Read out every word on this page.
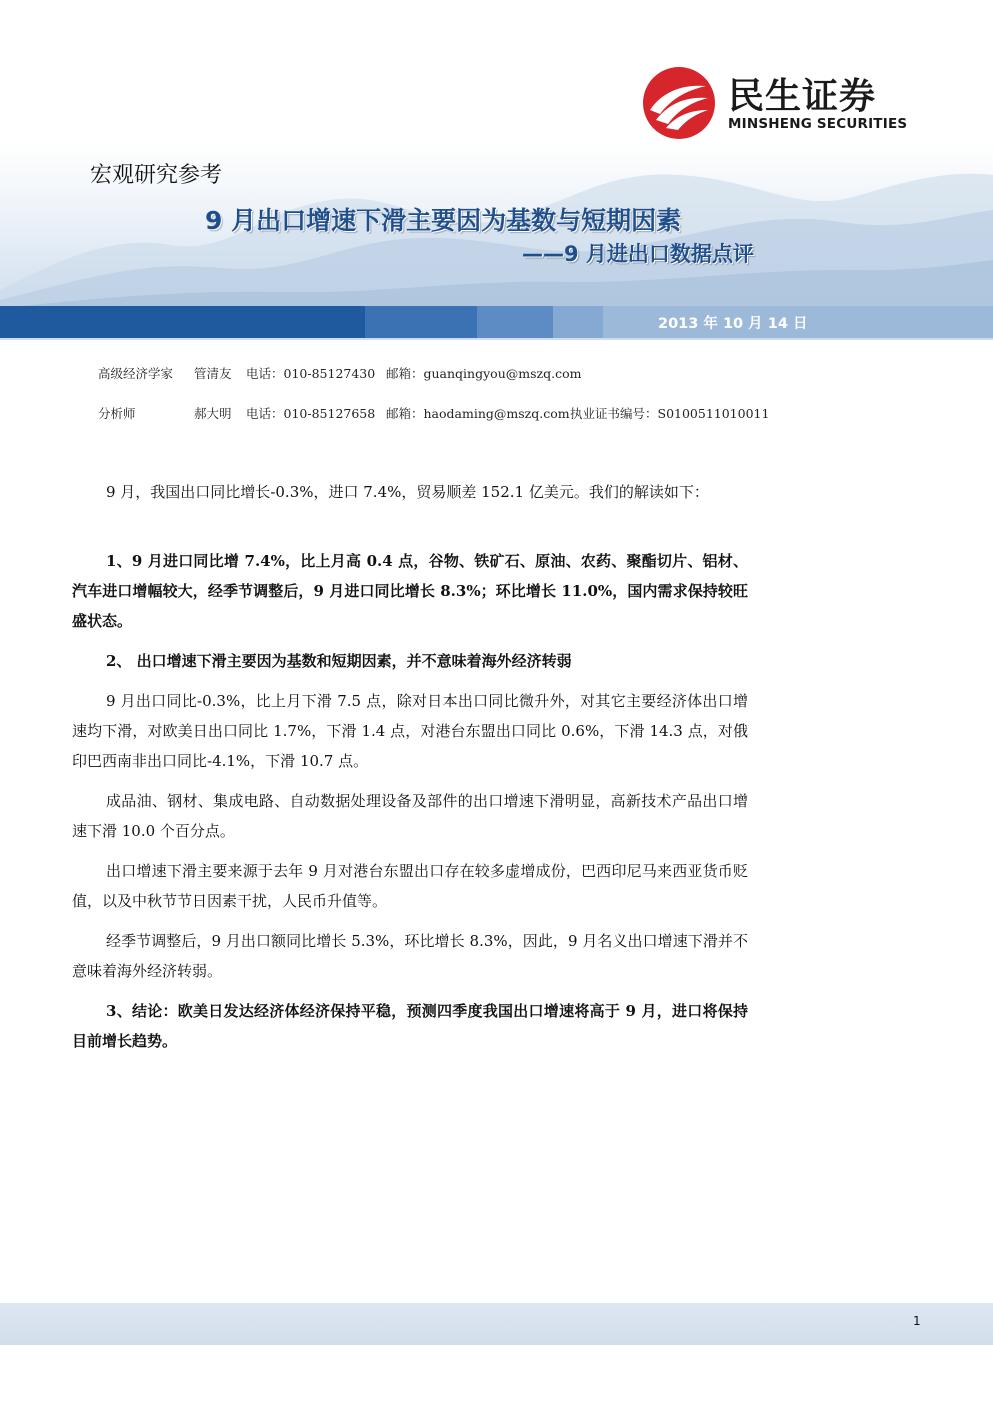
民生证券
MINSHENG SECURITIES
宏观研究参考
9 月出口增速下滑主要因为基数与短期因素
——9 月进出口数据点评
2013 年 10 月 14 日
高级经济学家 管清友 电话：010-85127430 邮箱：guanqingyou@mszq.com
分析师	郝大明 电话：010-85127658 邮箱：haodaming@mszq.com 执业证书编号：S0100511010011

9 月，我国出口同比增长-0.3%，进口 7.4%，贸易顺差 152.1 亿美元。我们的解读如下：

1、9 月进口同比增 7.4%，比上月高 0.4 点，谷物、铁矿石、原油、农药、聚酯切片、铝材、汽车进口增幅较大，经季节调整后，9 月进口同比增长 8.3%；环比增长 11.0%，国内需求保持较旺盛状态。

2、 出口增速下滑主要因为基数和短期因素，并不意味着海外经济转弱

9 月出口同比-0.3%，比上月下滑 7.5 点，除对日本出口同比微升外，对其它主要经济体出口增速均下滑，对欧美日出口同比 1.7%，下滑 1.4 点，对港台东盟出口同比 0.6%，下滑 14.3 点，对俄印巴西南非出口同比-4.1%，下滑 10.7 点。

成品油、钢材、集成电路、自动数据处理设备及部件的出口增速下滑明显，高新技术产品出口增速下滑 10.0 个百分点。

出口增速下滑主要来源于去年 9 月对港台东盟出口存在较多虚增成份，巴西印尼马来西亚货币贬值，以及中秋节节日因素干扰，人民币升值等。

经季节调整后，9 月出口额同比增长 5.3%，环比增长 8.3%，因此，9 月名义出口增速下滑并不意味着海外经济转弱。

3、结论：欧美日发达经济体经济保持平稳，预测四季度我国出口增速将高于 9 月，进口将保持目前增长趋势。

1
